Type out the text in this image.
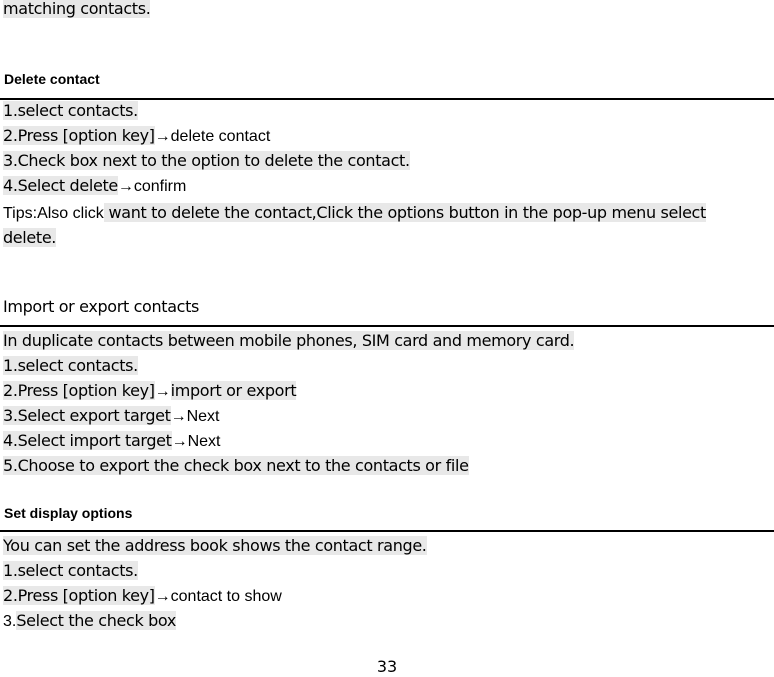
matching contacts.
Delete contact
1.select contacts.
2.Press [option key]→delete contact
3.Check box next to the option to delete the contact.
4.Select delete→confirm
Tips:Also click want to delete the contact,Click the options button in the pop-up menu select
delete.
Import or export contacts
In duplicate contacts between mobile phones, SIM card and memory card.
1.select contacts.
2.Press [option key]→import or export
3.Select export target→Next
4.Select import target→Next
5.Choose to export the check box next to the contacts or file
Set display options
You can set the address book shows the contact range.
1.select contacts.
2.Press [option key]→contact to show
3.Select the check box
33
